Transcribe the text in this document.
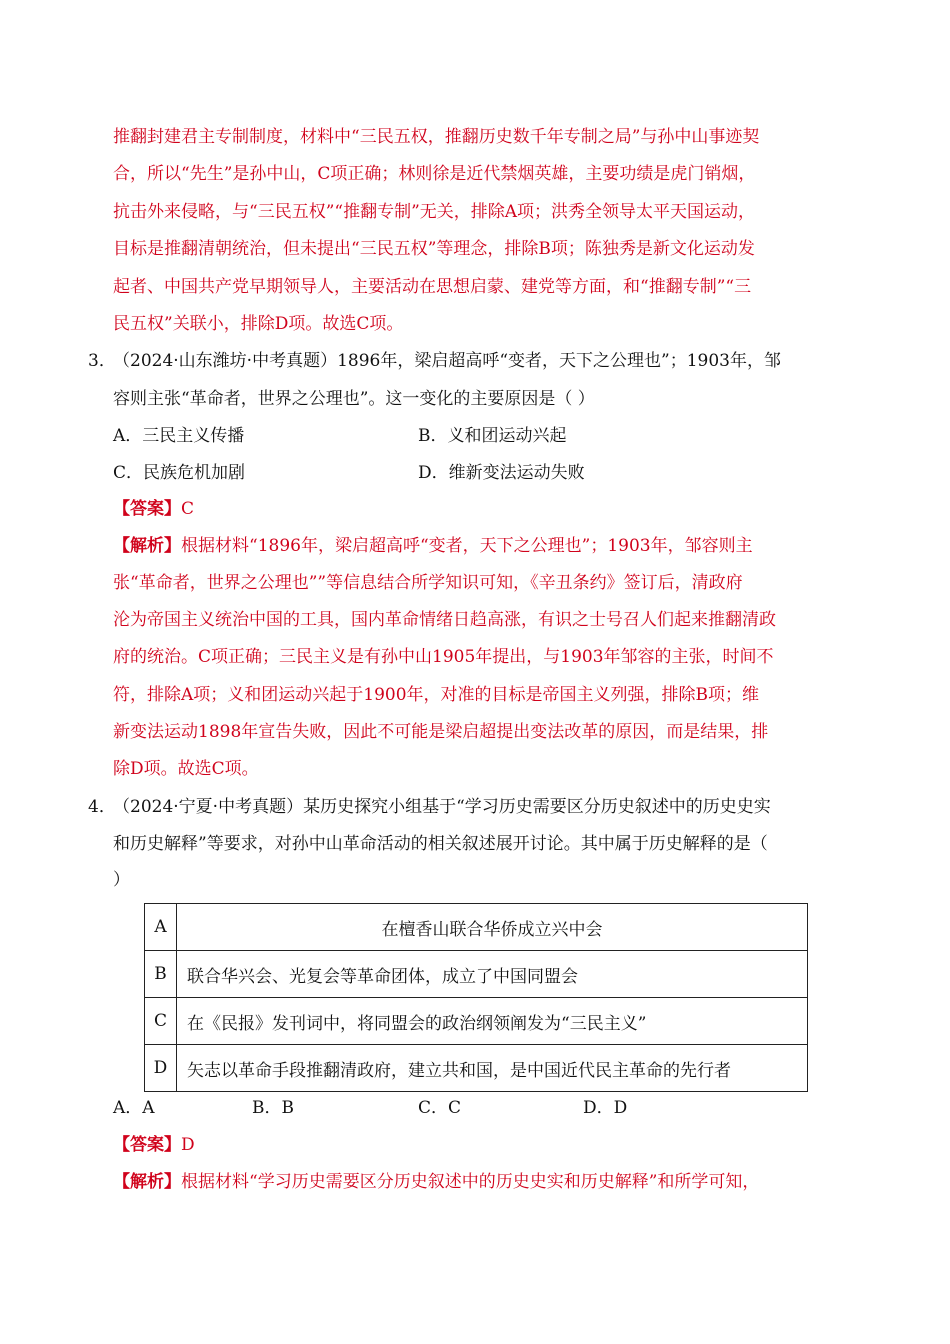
推翻封建君主专制制度，材料中“三民五权，推翻历史数千年专制之局”与孙中山事迹契
合，所以“先生”是孙中山，C项正确；林则徐是近代禁烟英雄，主要功绩是虎门销烟，
抗击外来侵略，与“三民五权”“推翻专制”无关，排除A项；洪秀全领导太平天国运动，
目标是推翻清朝统治，但未提出“三民五权”等理念，排除B项；陈独秀是新文化运动发
起者、中国共产党早期领导人，主要活动在思想启蒙、建党等方面，和“推翻专制”“三
民五权”关联小，排除D项。故选C项。
3．
（2024·山东潍坊·中考真题）1896年，梁启超高呼“变者，天下之公理也”；1903年，邹
容则主张“革命者，世界之公理也”。这一变化的主要原因是（ ）
A．三民主义传播	B．义和团运动兴起
C．民族危机加剧	D．维新变法运动失败
【答案】C
【解析】根据材料“1896年，梁启超高呼“变者，天下之公理也”；1903年，邹容则主
张“革命者，世界之公理也””等信息结合所学知识可知，《辛丑条约》签订后，清政府
沦为帝国主义统治中国的工具，国内革命情绪日趋高涨，有识之士号召人们起来推翻清政
府的统治。C项正确；三民主义是有孙中山1905年提出，与1903年邹容的主张，时间不
符，排除A项；义和团运动兴起于1900年，对准的目标是帝国主义列强，排除B项；维
新变法运动1898年宣告失败，因此不可能是梁启超提出变法改革的原因，而是结果，排
除D项。故选C项。
4．
（2024·宁夏·中考真题）某历史探究小组基于“学习历史需要区分历史叙述中的历史史实
和历史解释”等要求，对孙中山革命活动的相关叙述展开讨论。其中属于历史解释的是（
）
A	在檀香山联合华侨成立兴中会
B	联合华兴会、光复会等革命团体，成立了中国同盟会
C	在《民报》发刊词中，将同盟会的政治纲领阐发为“三民主义”
D	矢志以革命手段推翻清政府，建立共和国，是中国近代民主革命的先行者
A．A	B．B	C．C	D．D
【答案】D
【解析】根据材料“学习历史需要区分历史叙述中的历史史实和历史解释”和所学可知，
